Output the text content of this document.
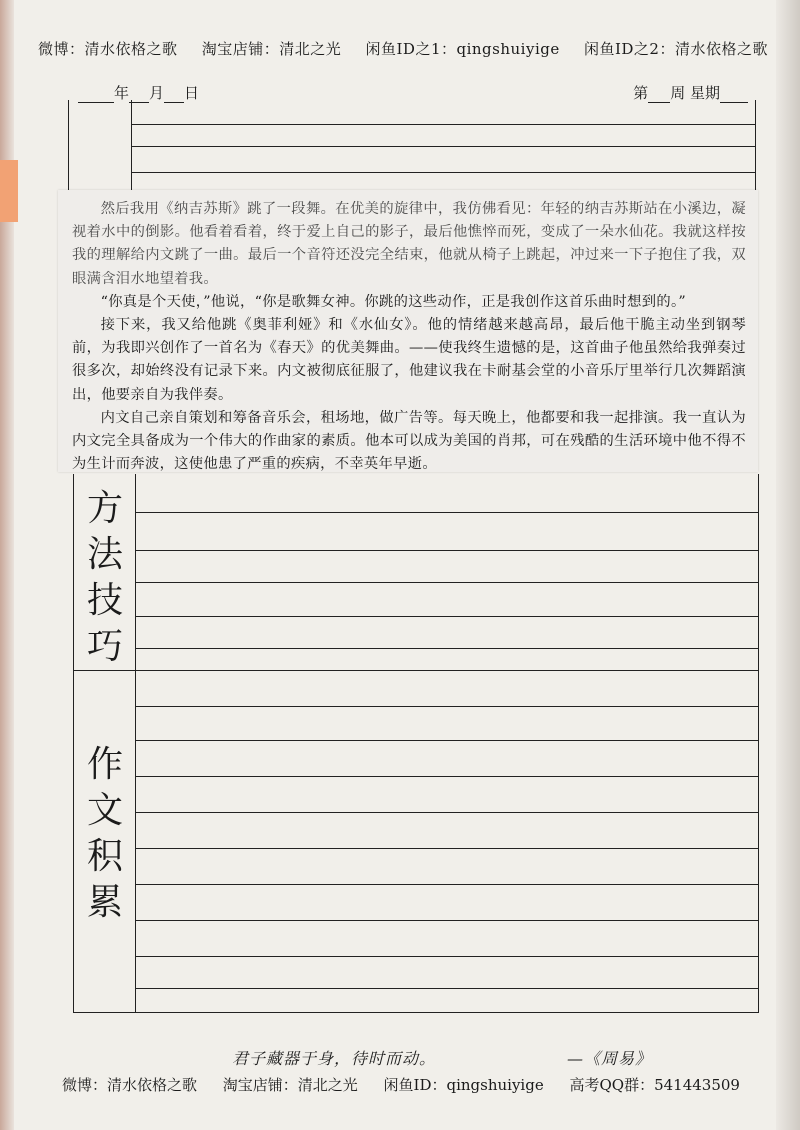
微博：清水依格之歌 淘宝店铺：清北之光 闲鱼ID之1：qingshuiyige 闲鱼ID之2：清水依格之歌
年 月 日	第 周 星期

然后我用《纳吉苏斯》跳了一段舞。在优美的旋律中，我仿佛看见：年轻的纳吉苏斯站在小溪边，凝视着水中的倒影。他看着看着，终于爱上自己的影子，最后他憔悴而死，变成了一朵水仙花。我就这样按我的理解给内文跳了一曲。最后一个音符还没完全结束，他就从椅子上跳起，冲过来一下子抱住了我，双眼满含泪水地望着我。

“你真是个天使，”他说，“你是歌舞女神。你跳的这些动作，正是我创作这首乐曲时想到的。”

接下来，我又给他跳《奥菲利娅》和《水仙女》。他的情绪越来越高昂，最后他干脆主动坐到钢琴前，为我即兴创作了一首名为《春天》的优美舞曲。——使我终生遗憾的是，这首曲子他虽然给我弹奏过很多次，却始终没有记录下来。内文被彻底征服了，他建议我在卡耐基会堂的小音乐厅里举行几次舞蹈演出，他要亲自为我伴奏。

内文自己亲自策划和筹备音乐会，租场地，做广告等。每天晚上，他都要和我一起排演。我一直认为内文完全具备成为一个伟大的作曲家的素质。他本可以成为美国的肖邦，可在残酷的生活环境中他不得不为生计而奔波，这使他患了严重的疾病，不幸英年早逝。

方
法
技
巧
作
文
积
累
君子藏器于身，待时而动。	—《周易》
微博：清水依格之歌 淘宝店铺：清北之光 闲鱼ID：qingshuiyige 高考QQ群：541443509
